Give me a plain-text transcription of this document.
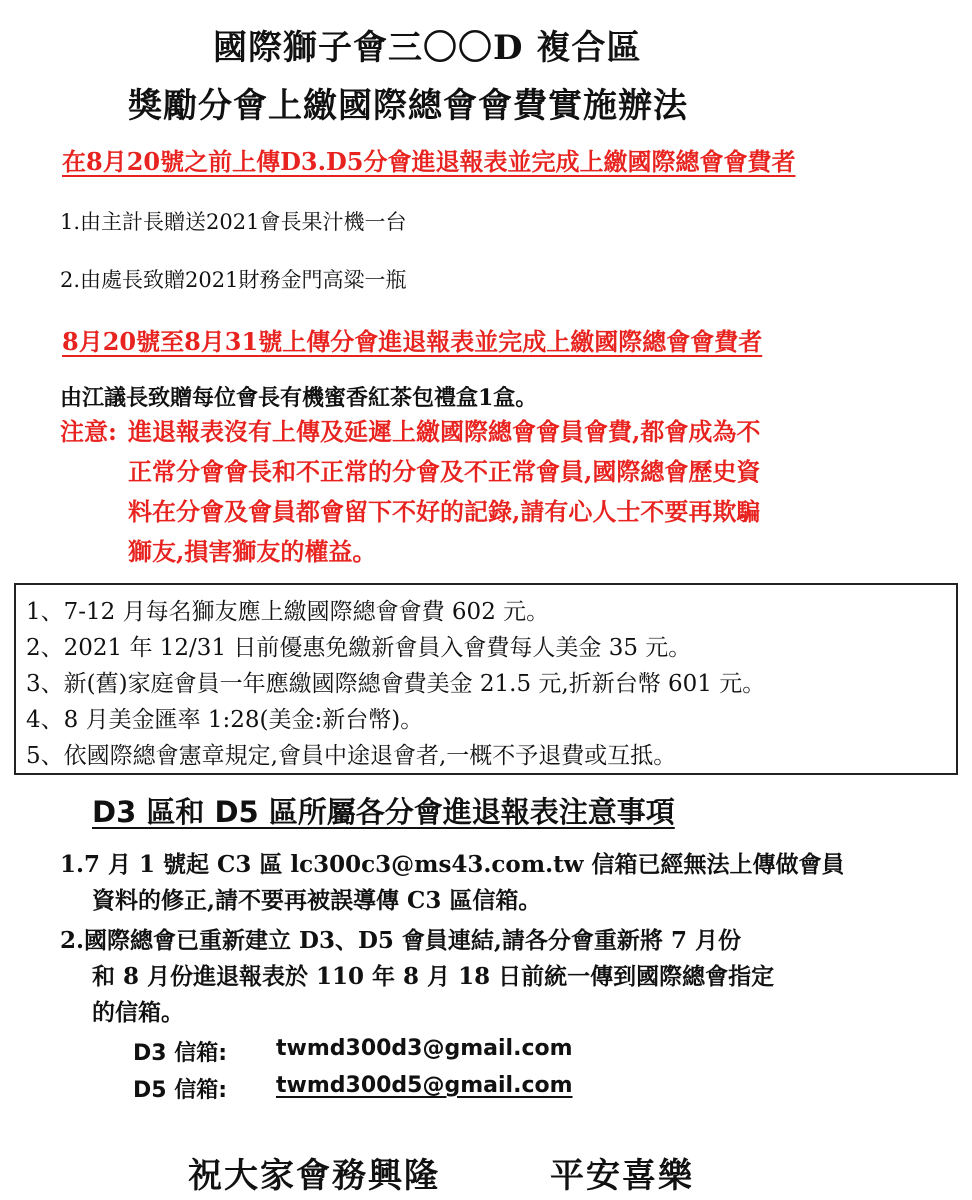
國際獅子會三〇〇D 複合區
獎勵分會上繳國際總會會費實施辦法
在8月20號之前上傳D3.D5分會進退報表並完成上繳國際總會會費者
1.由主計長贈送2021會長果汁機一台
2.由處長致贈2021財務金門高粱一瓶
8月20號至8月31號上傳分會進退報表並完成上繳國際總會會費者
由江議長致贈每位會長有機蜜香紅茶包禮盒1盒。
注意: 進退報表沒有上傳及延遲上繳國際總會會員會費,都會成為不
正常分會會長和不正常的分會及不正常會員,國際總會歷史資
料在分會及會員都會留下不好的記錄,請有心人士不要再欺騙
獅友,損害獅友的權益。
1、7-12 月每名獅友應上繳國際總會會費 602 元。
2、2021 年 12/31 日前優惠免繳新會員入會費每人美金 35 元。
3、新(舊)家庭會員一年應繳國際總會費美金 21.5 元,折新台幣 601 元。
4、8 月美金匯率 1:28(美金:新台幣)。
5、依國際總會憲章規定,會員中途退會者,一概不予退費或互抵。
D3 區和 D5 區所屬各分會進退報表注意事項
1.7 月 1 號起 C3 區 lc300c3@ms43.com.tw 信箱已經無法上傳做會員
資料的修正,請不要再被誤導傳 C3 區信箱。
2.國際總會已重新建立 D3、D5 會員連結,請各分會重新將 7 月份
和 8 月份進退報表於 110 年 8 月 18 日前統一傳到國際總會指定
的信箱。
D3 信箱: twmd300d3@gmail.com
D5 信箱: twmd300d5@gmail.com
祝大家會務興隆	平安喜樂
